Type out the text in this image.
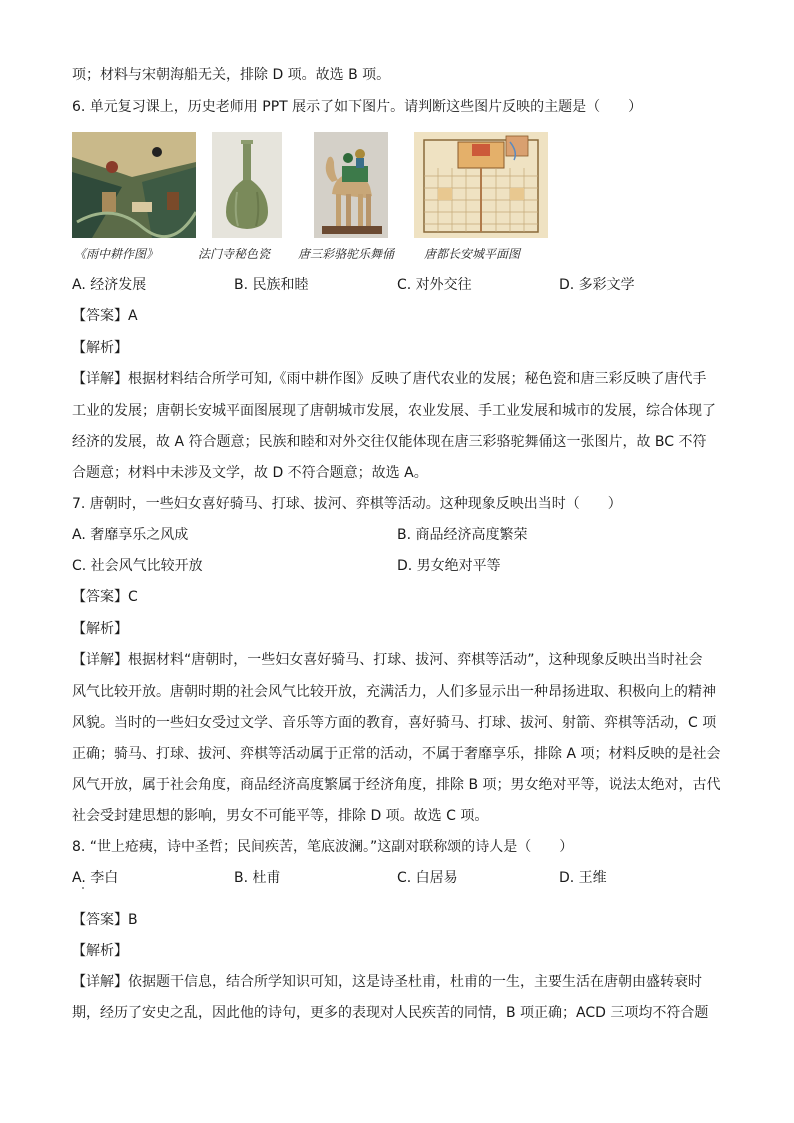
项；材料与宋朝海船无关，排除 D 项。故选 B 项。
6. 单元复习课上，历史老师用 PPT 展示了如下图片。请判断这些图片反映的主题是（　　）
《雨中耕作图》	法门寺秘色瓷 唐三彩骆驼乐舞俑 唐都长安城平面图
A. 经济发展	B. 民族和睦	C. 对外交往	D. 多彩文学
【答案】A
【解析】
【详解】根据材料结合所学可知,《雨中耕作图》反映了唐代农业的发展；秘色瓷和唐三彩反映了唐代手
工业的发展；唐朝长安城平面图展现了唐朝城市发展，农业发展、手工业发展和城市的发展，综合体现了
经济的发展，故 A 符合题意；民族和睦和对外交往仅能体现在唐三彩骆驼舞俑这一张图片，故 BC 不符
合题意；材料中未涉及文学，故 D 不符合题意；故选 A。
7. 唐朝时，一些妇女喜好骑马、打球、拔河、弈棋等活动。这种现象反映出当时（　　）
A. 奢靡享乐之风成	B. 商品经济高度繁荣
C. 社会风气比较开放	D. 男女绝对平等
【答案】C
【解析】
【详解】根据材料“唐朝时，一些妇女喜好骑马、打球、拔河、弈棋等活动”，这种现象反映出当时社会
风气比较开放。唐朝时期的社会风气比较开放，充满活力，人们多显示出一种昂扬进取、积极向上的精神
风貌。当时的一些妇女受过文学、音乐等方面的教育，喜好骑马、打球、拔河、射箭、弈棋等活动，C 项
正确；骑马、打球、拔河、弈棋等活动属于正常的活动，不属于奢靡享乐，排除 A 项；材料反映的是社会
风气开放，属于社会角度，商品经济高度繁属于经济角度，排除 B 项；男女绝对平等，说法太绝对，古代
社会受封建思想的影响，男女不可能平等，排除 D 项。故选 C 项。
8. “世上疮痍，诗中圣哲；民间疾苦，笔底波澜。”这副对联称颂的诗人是（　　）
A. 李白	B. 杜甫	C. 白居易	D. 王维
【答案】B
【解析】
【详解】依据题干信息，结合所学知识可知，这是诗圣杜甫，杜甫的一生，主要生活在唐朝由盛转衰时
期，经历了安史之乱，因此他的诗句，更多的表现对人民疾苦的同情，B 项正确；ACD 三项均不符合题
